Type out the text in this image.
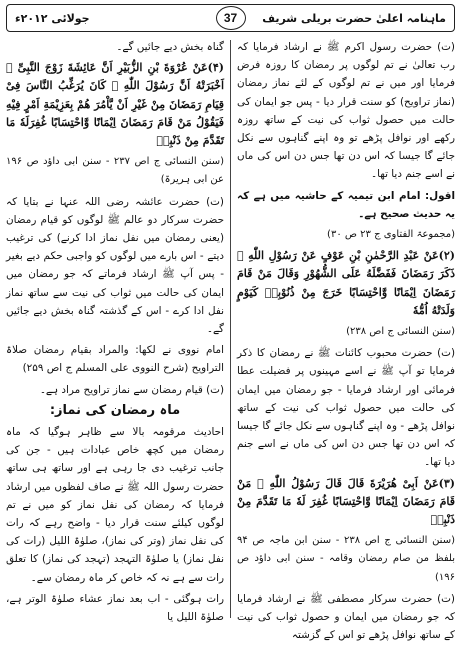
ماہنامہ اعلیٰ حضرت بریلی شریف
37
جولائی ۲۰۱۲ء

(ت) حضرت رسول اکرم ﷺ نے ارشاد فرمایا کہ رب تعالیٰ نے تم لوگوں پر رمضان کا روزہ فرض فرمایا اور میں نے تم لوگوں کے لئے نماز رمضان (نماز تراویح) کو سنت قرار دیا - پس جو ایمان کی حالت میں حصول ثواب کی نیت کے ساتھ روزہ رکھے اور نوافل پڑھے تو وہ اپنے گناہوں سے نکل جائے گا جیسا کہ اس دن تھا جس دن اس کی ماں نے اسے جنم دیا تھا۔

اقول: امام ابن تیمیہ کے حاشیہ میں ہے کہ یہ حدیث صحیح ہے۔

(مجموعۃ الفتاوی ج ۲۳ ص ۳۰)

(۲)عَنْ عَبْدِ الرَّحْمٰنِ بْنِ عَوْفٍ عَنْ رَسُوْلِ اللّٰهِ ﷺ ذَكَرَ رَمَضَانَ فَفَضَّلَهُ عَلَى الشُّهُوْرِ وَقَالَ مَنْ قَامَ رَمَضَانَ اِيْمَانًا وَّاحْتِسَابًا خَرَجَ مِنْ ذُنُوْبِهٖ كَيَوْمٍ وَلَدَتْهُ اُمُّهٗ

(سنن النسائی ج اص ۲۳۸)

(ت) حضرت محبوب کائنات ﷺ نے رمضان کا ذکر فرمایا تو آپ ﷺ نے اسے مہینوں پر فضیلت عطا فرمائی اور ارشاد فرمایا - جو رمضان میں ایمان کی حالت میں حصول ثواب کی نیت کے ساتھ نوافل پڑھے - وہ اپنے گناہوں سے نکل جائے گا جیسا کہ اس دن تھا جس دن اس کی ماں نے اسے جنم دیا تھا۔

(۳)عَنْ اَبِیْ هُرَیْرَةَ قَالَ قَالَ رَسُوْلُ اللّٰهِ ﷺ مَنْ قَامَ رَمَضَانَ اِيْمَانًا وَّاحْتِسَابًا غُفِرَ لَهٗ مَا تَقَدَّمَ مِنْ ذَنْبِهٖ

(سنن النسائی ج اص ۲۳۸ - سنن ابن ماجہ ص ۹۴ بلفظ من صام رمضان وقامہ - سنن ابی داؤد ص ۱۹۶)

(ت) حضرت سرکار مصطفی ﷺ نے ارشاد فرمایا کہ جو رمضان میں ایمان و حصول ثواب کی نیت کے ساتھ نوافل پڑھے تو اس کے گزشتہ

گناہ بخش دیے جائیں گے۔

(۴)عَنْ عُرْوَةَ بْنِ الزُّبَیْرِ اَنَّ عَائِشَةَ زَوْجَ النَّبِیِّ ﷺ اَخْبَرَتْهُ اَنَّ رَسُوْلَ اللّٰهِ ﷺ كَانَ يُرَغِّبُ النَّاسَ فِیْ قِيَامِ رَمَضَانَ مِنْ غَيْرِ اَنْ يَّاْمُرَ هُمْ بِعَزِيْمَةِ اَمْرٍ فِيْهِ فَيَقُوْلُ مَنْ قَامَ رَمَضَانَ اِيْمَانًا وَّاحْتِسَابًا غُفِرَلَهٗ مَا تَقَدَّمَ مِنْ ذَنْبِهٖ

(سنن النسائی ج اص ۲۳۷ - سنن ابی داؤد ص ۱۹۶ عن ابی ہریرۃ)

(ت) حضرت عائشہ رضی اللہ عنہا نے بتایا کہ حضرت سرکار دو عالم ﷺ لوگوں کو قیام رمضان (یعنی رمضان میں نفل نماز ادا کرنے) کی ترغیب دیتے - اس بارے میں لوگوں کو واجبی حکم دیے بغیر - پس آپ ﷺ ارشاد فرماتے کہ جو رمضان میں ایمان کی حالت میں ثواب کی نیت سے ساتھ نماز نفل ادا کرے - اس کے گذشتہ گناہ بخش دیے جائیں گے۔

امام نووی نے لکھا: والمراد بقیام رمضان صلاۃ التراویح (شرح النووی علی المسلم ج اص ۲۵۹)

(ت) قیام رمضان سے نماز تراویح مراد ہے۔

ماہ رمضان کی نماز:

احادیث مرقومہ بالا سے ظاہر ہوگیا کہ ماہ رمضان میں کچھ خاص عبادات ہیں - جن کی جانب ترغیب دی جا رہی ہے اور ساتھ ہی ساتھ حضرت رسول اللہ ﷺ نے صاف لفظوں میں ارشاد فرمایا کہ رمضان کی نفل نماز کو میں نے تم لوگوں کیلئے سنت قرار دیا - واضح رہے کہ رات کی نفل نماز (وتر کی نماز)، صلوٰۃ اللیل (رات کی نفل نماز) یا صلوٰۃ التہجد (تہجد کی نماز) کا تعلق رات سے ہے نہ کہ خاص کر ماہ رمضان سے۔

رات ہوگئی - اب بعد نماز عشاء صلوٰۃ الوتر ہے، صلوٰۃ اللیل یا
